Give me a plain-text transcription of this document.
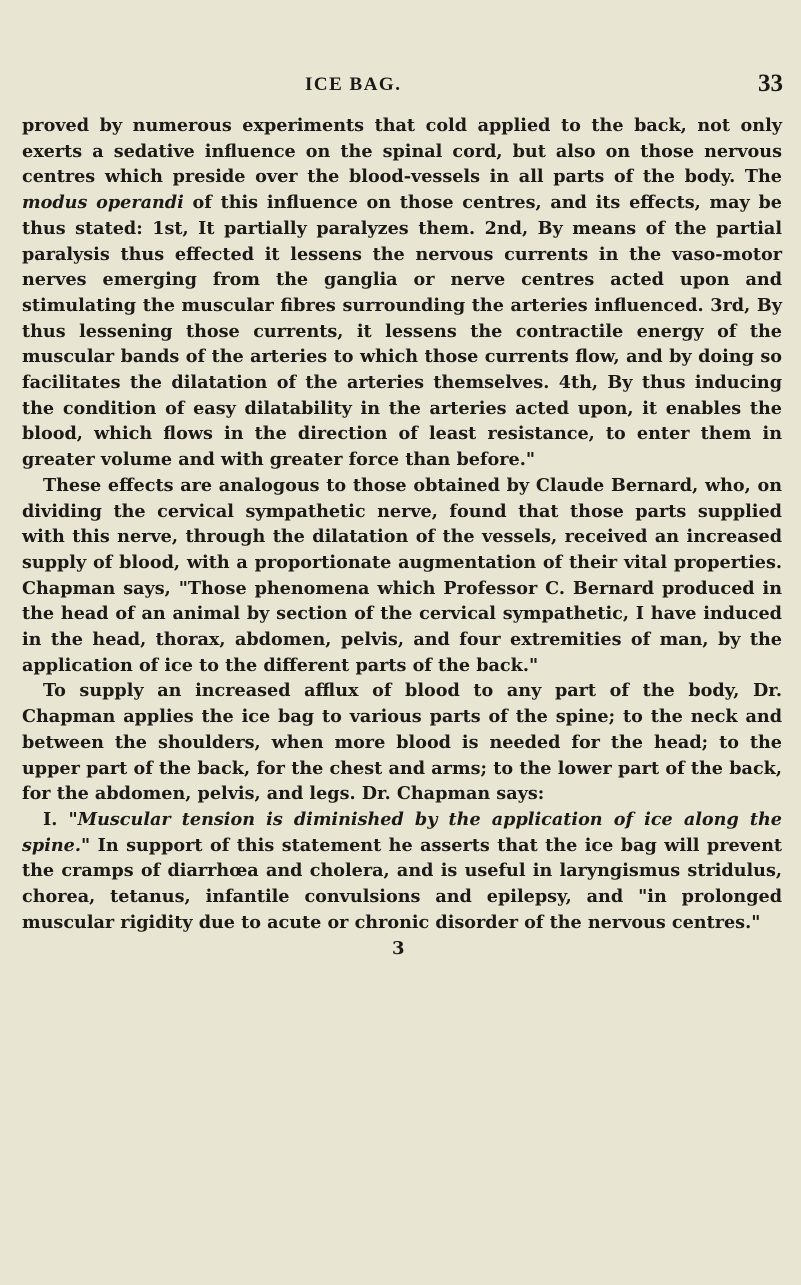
ICE BAG.	33

proved by numerous experiments that cold applied to the back, not only exerts a sedative influence on the spinal cord, but also on those nervous centres which preside over the blood-vessels in all parts of the body. The modus operandi of this influence on those centres, and its effects, may be thus stated: 1st, It partially paralyzes them. 2nd, By means of the partial paralysis thus effected it lessens the nervous currents in the vaso-motor nerves emerging from the ganglia or nerve centres acted upon and stimulating the muscular fibres surrounding the arteries influenced. 3rd, By thus lessening those currents, it lessens the contractile energy of the muscular bands of the arteries to which those currents flow, and by doing so facilitates the dilatation of the arteries themselves. 4th, By thus inducing the condition of easy dilatability in the arteries acted upon, it enables the blood, which flows in the direction of least resistance, to enter them in greater volume and with greater force than before."

These effects are analogous to those obtained by Claude Bernard, who, on dividing the cervical sympathetic nerve, found that those parts supplied with this nerve, through the dilatation of the vessels, received an increased supply of blood, with a proportionate augmentation of their vital properties. Chapman says, "Those phenomena which Professor C. Bernard produced in the head of an animal by section of the cervical sympathetic, I have induced in the head, thorax, abdomen, pelvis, and four extremities of man, by the application of ice to the different parts of the back."

To supply an increased afflux of blood to any part of the body, Dr. Chapman applies the ice bag to various parts of the spine; to the neck and between the shoulders, when more blood is needed for the head; to the upper part of the back, for the chest and arms; to the lower part of the back, for the abdomen, pelvis, and legs. Dr. Chapman says:

I. "Muscular tension is diminished by the application of ice along the spine." In support of this statement he asserts that the ice bag will prevent the cramps of diarrhœa and cholera, and is useful in laryngismus stridulus, chorea, tetanus, infantile convulsions and epilepsy, and "in prolonged muscular rigidity due to acute or chronic disorder of the nervous centres."

3
